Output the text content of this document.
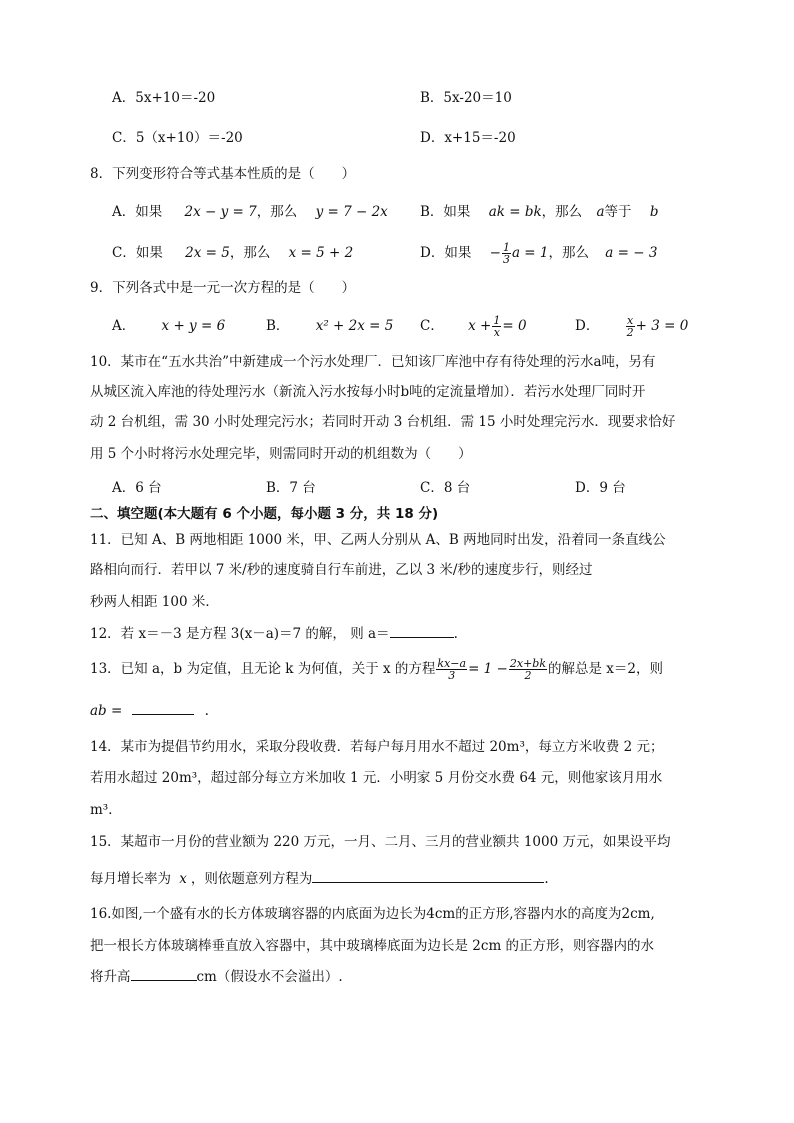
A．5x+10＝-20	B．5x-20＝10
C．5（x+10）＝-20	D．x+15＝-20
8．下列变形符合等式基本性质的是（　　）
A．如果 2x − y = 7，那么 y = 7 − 2x B．如果 ak = bk，那么 a等于 b
C．如果 2x = 5，那么 x = 5 + 2	D．如果 − $\frac{1}{3}$ a = 1，那么 a = − 3
9．下列各式中是一元一次方程的是（　　）
A． x + y = 6	B． x² + 2x = 5 C． $x + \frac{1}{x} = 0$	D． $\frac{x}{2} + 3 = 0$
10．某市在“五水共治”中新建成一个污水处理厂．已知该厂库池中存有待处理的污水a吨，另有
从城区流入库池的待处理污水（新流入污水按每小时b吨的定流量增加）．若污水处理厂同时开
动 2 台机组，需 30 小时处理完污水；若同时开动 3 台机组．需 15 小时处理完污水．现要求恰好
用 5 个小时将污水处理完毕，则需同时开动的机组数为（　　）
A．6 台	B．7 台	C．8 台	D．9 台
二、填空题(本大题有 6 个小题，每小题 3 分，共 18 分)
11．已知 A、B 两地相距 1000 米，甲、乙两人分别从 A、B 两地同时出发，沿着同一条直线公
路相向而行．若甲以 7 米/秒的速度骑自行车前进，乙以 3 米/秒的速度步行，则经过
秒两人相距 100 米．
12．若 x＝－3 是方程 3(x－a)＝7 的解， 则 a＝	.
13．已知 a，b 为定值，且无论 k 为何值，关于 x 的方程 $\frac{kx-a}{3} = 1 - \frac{2x+bk}{2}$ 的解总是 x＝2，则
ab =	.
14．某市为提倡节约用水，采取分段收费．若每户每月用水不超过 20m³，每立方米收费 2 元；
若用水超过 20m³，超过部分每立方米加收 1 元．小明家 5 月份交水费 64 元，则他家该月用水
m³．
15．某超市一月份的营业额为 220 万元，一月、二月、三月的营业额共 1000 万元，如果设平均
每月增长率为 x ，则依题意列方程为	.
16.如图,一个盛有水的长方体玻璃容器的内底面为边长为4cm的正方形,容器内水的高度为2cm,
把一根长方体玻璃棒垂直放入容器中，其中玻璃棒底面为边长是 2cm 的正方形，则容器内的水
将升高	cm（假设水不会溢出）.
